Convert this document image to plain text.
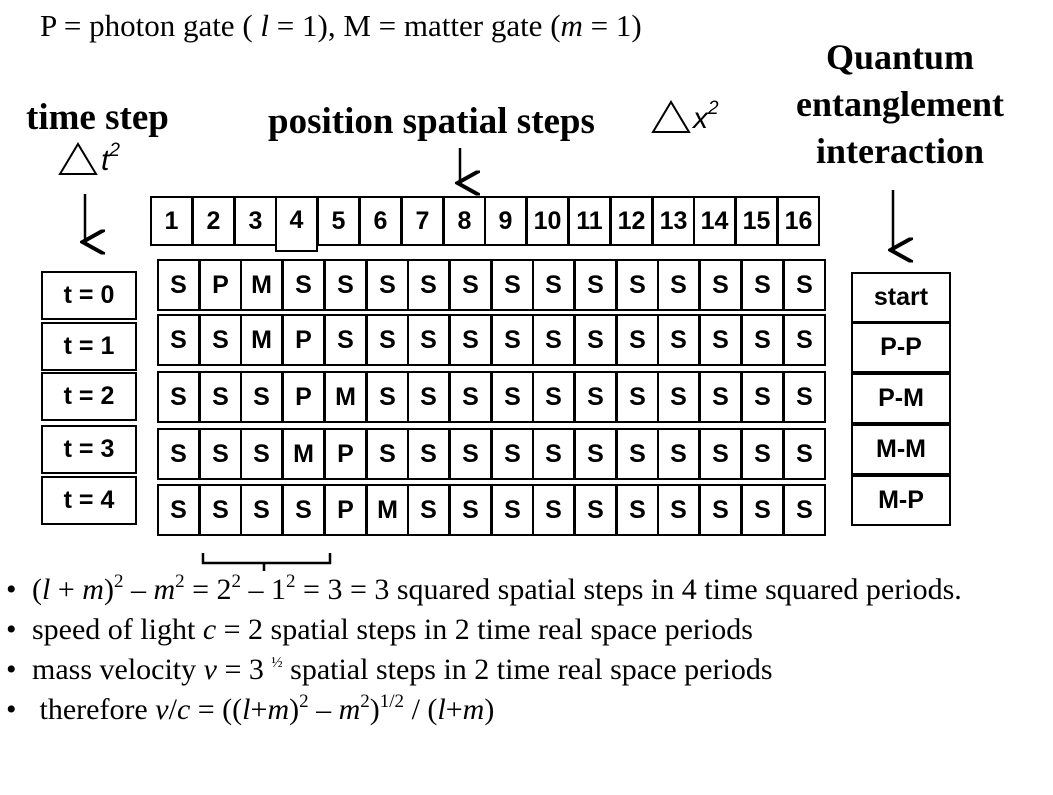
P = photon gate ( l = 1), M = matter gate (m = 1)
time step
$t^2$
position spatial steps	$x^2$
Quantum
entanglement
interaction
1	2	3	4	5	6	7	8	9 10 11 12 13 14 15 16
t = 0
t = 1
t = 2
t = 3
t = 4
S	P M S	S	S S	S	S S	S	S S	S	S	S
S	S M P	S	S S	S	S S	S	S S	S	S	S
S	S S	P M S S	S	S S	S	S S	S	S	S
S	S S M P	S S	S	S S	S	S S	S	S	S
S	S S	S	P M S	S	S S	S	S S	S	S	S
start
P-P
P-M
M-M
M-P
• $(l + m)^2 - m^2 = 2^2 - 1^2 = 3 = 3$ squared spatial steps in 4 time squared periods.
• speed of light c = 2 spatial steps in 2 time real space periods
• mass velocity v = 3 $^{\frac{1}{2}}$ spatial steps in 2 time real space periods
• therefore $v/c = ((l+m)^2 - m^2)^{1/2} / (l+m)$
